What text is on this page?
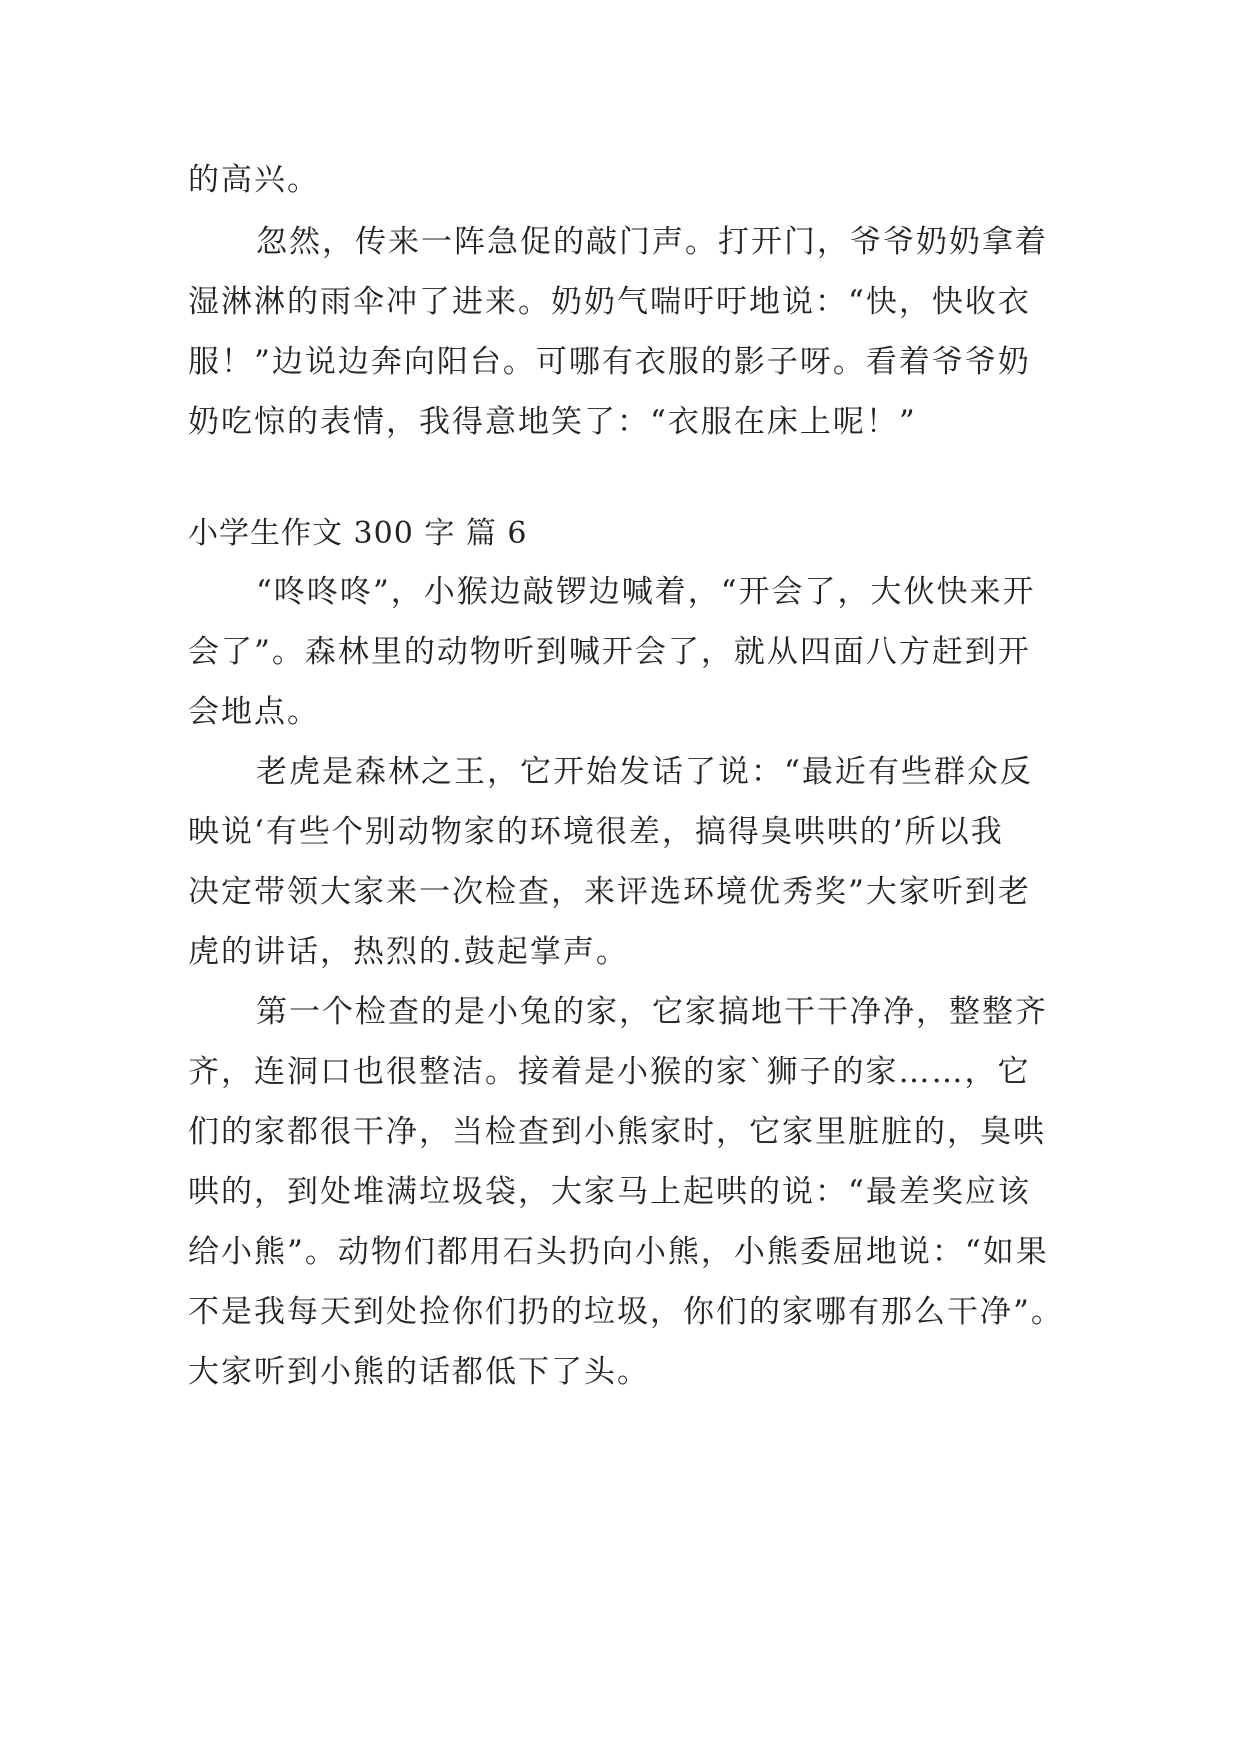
的高兴。
忽然，传来一阵急促的敲门声。打开门，爷爷奶奶拿着
湿淋淋的雨伞冲了进来。奶奶气喘吁吁地说：“快，快收衣
服！”边说边奔向阳台。可哪有衣服的影子呀。看着爷爷奶
奶吃惊的表情，我得意地笑了：“衣服在床上呢！”
小学生作文 300 字 篇 6
“咚咚咚”，小猴边敲锣边喊着，“开会了，大伙快来开
会了”。森林里的动物听到喊开会了，就从四面八方赶到开
会地点。
老虎是森林之王，它开始发话了说：“最近有些群众反
映说‘有些个别动物家的环境很差，搞得臭哄哄的’所以我
决定带领大家来一次检查，来评选环境优秀奖”大家听到老
虎的讲话，热烈的.鼓起掌声。
第一个检查的是小兔的家，它家搞地干干净净，整整齐
齐，连洞口也很整洁。接着是小猴的家`狮子的家……，它
们的家都很干净，当检查到小熊家时，它家里脏脏的，臭哄
哄的，到处堆满垃圾袋，大家马上起哄的说：“最差奖应该
给小熊”。动物们都用石头扔向小熊，小熊委屈地说：“如果
不是我每天到处捡你们扔的垃圾，你们的家哪有那么干净”。
大家听到小熊的话都低下了头。
